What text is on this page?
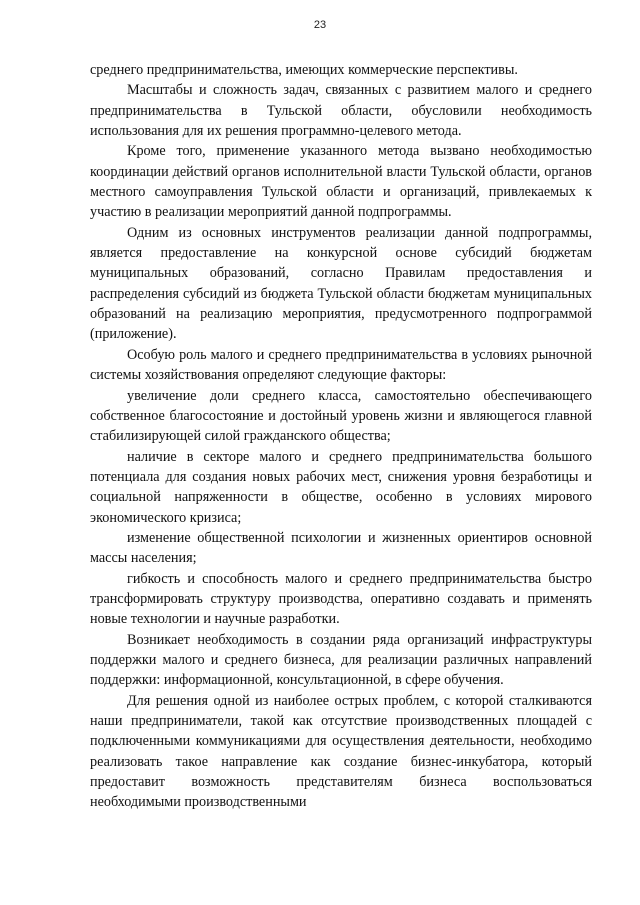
23

среднего предпринимательства, имеющих коммерческие перспективы.

Масштабы и сложность задач, связанных с развитием малого и среднего предпринимательства в Тульской области, обусловили необходимость использования для их решения программно-целевого метода.

Кроме того, применение указанного метода вызвано необходимостью координации действий органов исполнительной власти Тульской области, органов местного самоуправления Тульской области и организаций, привлекаемых к участию в реализации мероприятий данной подпрограммы.

Одним из основных инструментов реализации данной подпрограммы, является предоставление на конкурсной основе субсидий бюджетам муниципальных образований, согласно Правилам предоставления и распределения субсидий из бюджета Тульской области бюджетам муниципальных образований на реализацию мероприятия, предусмотренного подпрограммой (приложение).

Особую роль малого и среднего предпринимательства в условиях рыночной системы хозяйствования определяют следующие факторы:

увеличение доли среднего класса, самостоятельно обеспечивающего собственное благосостояние и достойный уровень жизни и являющегося главной стабилизирующей силой гражданского общества;

наличие в секторе малого и среднего предпринимательства большого потенциала для создания новых рабочих мест, снижения уровня безработицы и социальной напряженности в обществе, особенно в условиях мирового экономического кризиса;

изменение общественной психологии и жизненных ориентиров основной массы населения;

гибкость и способность малого и среднего предпринимательства быстро трансформировать структуру производства, оперативно создавать и применять новые технологии и научные разработки.

Возникает необходимость в создании ряда организаций инфраструктуры поддержки малого и среднего бизнеса, для реализации различных направлений поддержки: информационной, консультационной, в сфере обучения.

Для решения одной из наиболее острых проблем, с которой сталкиваются наши предприниматели, такой как отсутствие производственных площадей с подключенными коммуникациями для осуществления деятельности, необходимо реализовать такое направление как создание бизнес-инкубатора, который предоставит возможность представителям бизнеса воспользоваться необходимыми производственными
